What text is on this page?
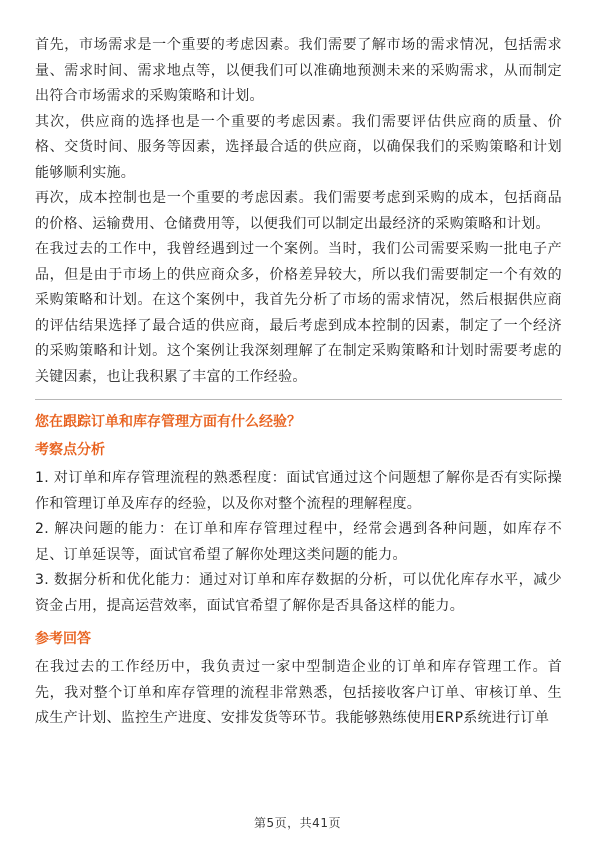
首先，市场需求是一个重要的考虑因素。我们需要了解市场的需求情况，包括需求量、需求时间、需求地点等，以便我们可以准确地预测未来的采购需求，从而制定出符合市场需求的采购策略和计划。

其次，供应商的选择也是一个重要的考虑因素。我们需要评估供应商的质量、价格、交货时间、服务等因素，选择最合适的供应商，以确保我们的采购策略和计划能够顺利实施。

再次，成本控制也是一个重要的考虑因素。我们需要考虑到采购的成本，包括商品的价格、运输费用、仓储费用等，以便我们可以制定出最经济的采购策略和计划。

在我过去的工作中，我曾经遇到过一个案例。当时，我们公司需要采购一批电子产品，但是由于市场上的供应商众多，价格差异较大，所以我们需要制定一个有效的采购策略和计划。在这个案例中，我首先分析了市场的需求情况，然后根据供应商的评估结果选择了最合适的供应商，最后考虑到成本控制的因素，制定了一个经济的采购策略和计划。这个案例让我深刻理解了在制定采购策略和计划时需要考虑的关键因素，也让我积累了丰富的工作经验。

您在跟踪订单和库存管理方面有什么经验？
考察点分析

1. 对订单和库存管理流程的熟悉程度：面试官通过这个问题想了解你是否有实际操作和管理订单及库存的经验，以及你对整个流程的理解程度。

2. 解决问题的能力：在订单和库存管理过程中，经常会遇到各种问题，如库存不足、订单延误等，面试官希望了解你处理这类问题的能力。

3. 数据分析和优化能力：通过对订单和库存数据的分析，可以优化库存水平，减少资金占用，提高运营效率，面试官希望了解你是否具备这样的能力。

参考回答

在我过去的工作经历中，我负责过一家中型制造企业的订单和库存管理工作。首先，我对整个订单和库存管理的流程非常熟悉，包括接收客户订单、审核订单、生成生产计划、监控生产进度、安排发货等环节。我能够熟练使用ERP系统进行订单

第5页，共41页
